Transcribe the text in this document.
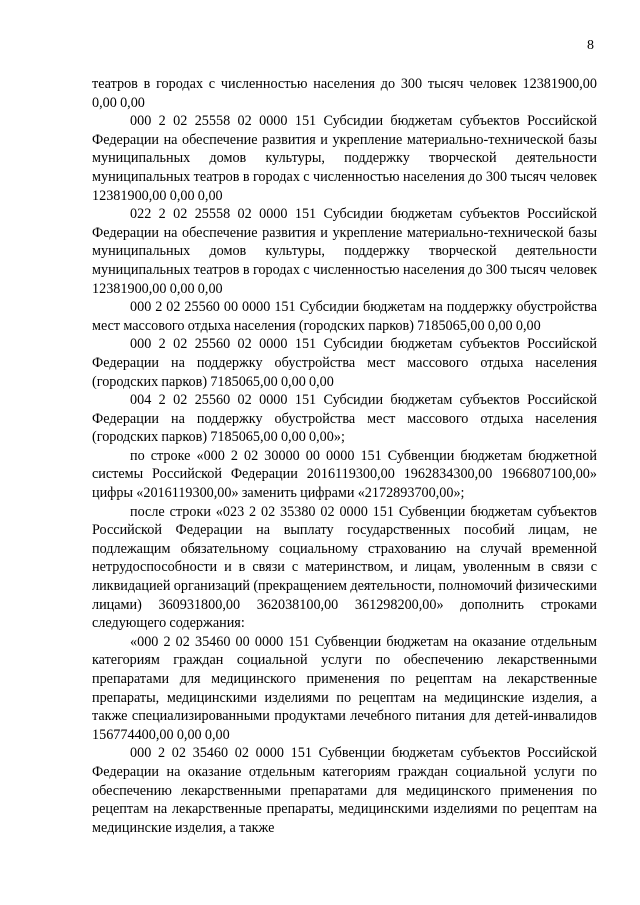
8

театров в городах с численностью населения до 300 тысяч человек 12381900,00 0,00 0,00

000 2 02 25558 02 0000 151 Субсидии бюджетам субъектов Российской Федерации на обеспечение развития и укрепление материально-технической базы муниципальных домов культуры, поддержку творческой деятельности муниципальных театров в городах с численностью населения до 300 тысяч человек 12381900,00 0,00 0,00

022 2 02 25558 02 0000 151 Субсидии бюджетам субъектов Российской Федерации на обеспечение развития и укрепление материально-технической базы муниципальных домов культуры, поддержку творческой деятельности муниципальных театров в городах с численностью населения до 300 тысяч человек 12381900,00 0,00 0,00

000 2 02 25560 00 0000 151 Субсидии бюджетам на поддержку обустройства мест массового отдыха населения (городских парков) 7185065,00 0,00 0,00

000 2 02 25560 02 0000 151 Субсидии бюджетам субъектов Российской Федерации на поддержку обустройства мест массового отдыха населения (городских парков) 7185065,00 0,00 0,00

004 2 02 25560 02 0000 151 Субсидии бюджетам субъектов Российской Федерации на поддержку обустройства мест массового отдыха населения (городских парков) 7185065,00 0,00 0,00»;

по строке «000 2 02 30000 00 0000 151 Субвенции бюджетам бюджетной системы Российской Федерации 2016119300,00 1962834300,00 1966807100,00» цифры «2016119300,00» заменить цифрами «2172893700,00»;

после строки «023 2 02 35380 02 0000 151 Субвенции бюджетам субъектов Российской Федерации на выплату государственных пособий лицам, не подлежащим обязательному социальному страхованию на случай временной нетрудоспособности и в связи с материнством, и лицам, уволенным в связи с ликвидацией организаций (прекращением деятельности, полномочий физическими лицами) 360931800,00 362038100,00 361298200,00» дополнить строками следующего содержания:

«000 2 02 35460 00 0000 151 Субвенции бюджетам на оказание отдельным категориям граждан социальной услуги по обеспечению лекарственными препаратами для медицинского применения по рецептам на лекарственные препараты, медицинскими изделиями по рецептам на медицинские изделия, а также специализированными продуктами лечебного питания для детей-инвалидов 156774400,00 0,00 0,00

000 2 02 35460 02 0000 151 Субвенции бюджетам субъектов Российской Федерации на оказание отдельным категориям граждан социальной услуги по обеспечению лекарственными препаратами для медицинского применения по рецептам на лекарственные препараты, медицинскими изделиями по рецептам на медицинские изделия, а также
